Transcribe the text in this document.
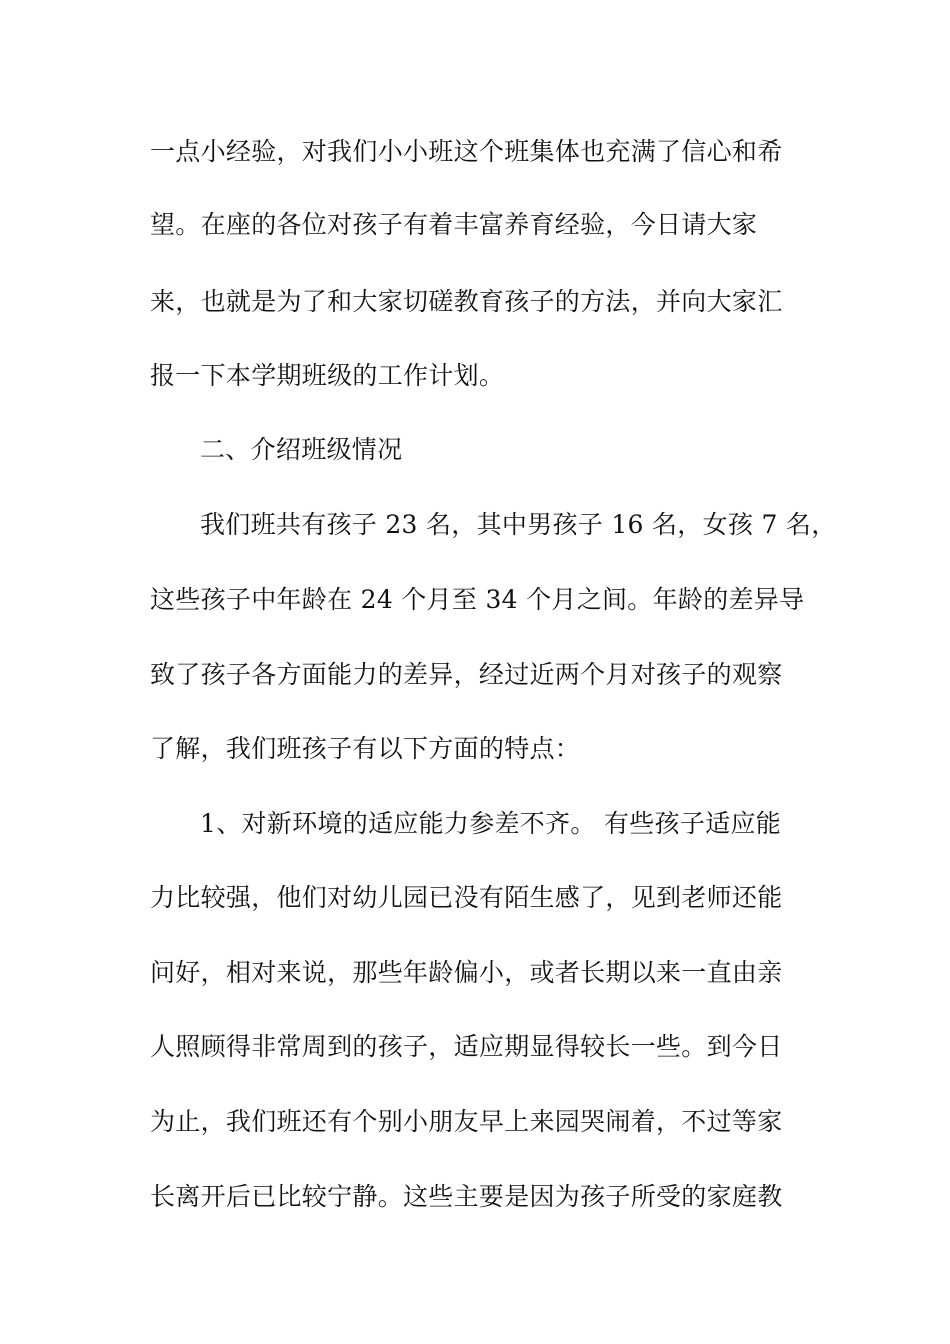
一点小经验，对我们小小班这个班集体也充满了信心和希
望。在座的各位对孩子有着丰富养育经验，今日请大家
来，也就是为了和大家切磋教育孩子的方法，并向大家汇
报一下本学期班级的工作计划。
二、介绍班级情况
我们班共有孩子 23 名，其中男孩子 16 名，女孩 7 名，
这些孩子中年龄在 24 个月至 34 个月之间。年龄的差异导
致了孩子各方面能力的差异，经过近两个月对孩子的观察
了解，我们班孩子有以下方面的特点：
1、对新环境的适应能力参差不齐。 有些孩子适应能
力比较强，他们对幼儿园已没有陌生感了，见到老师还能
问好，相对来说，那些年龄偏小，或者长期以来一直由亲
人照顾得非常周到的孩子，适应期显得较长一些。到今日
为止，我们班还有个别小朋友早上来园哭闹着，不过等家
长离开后已比较宁静。这些主要是因为孩子所受的家庭教
